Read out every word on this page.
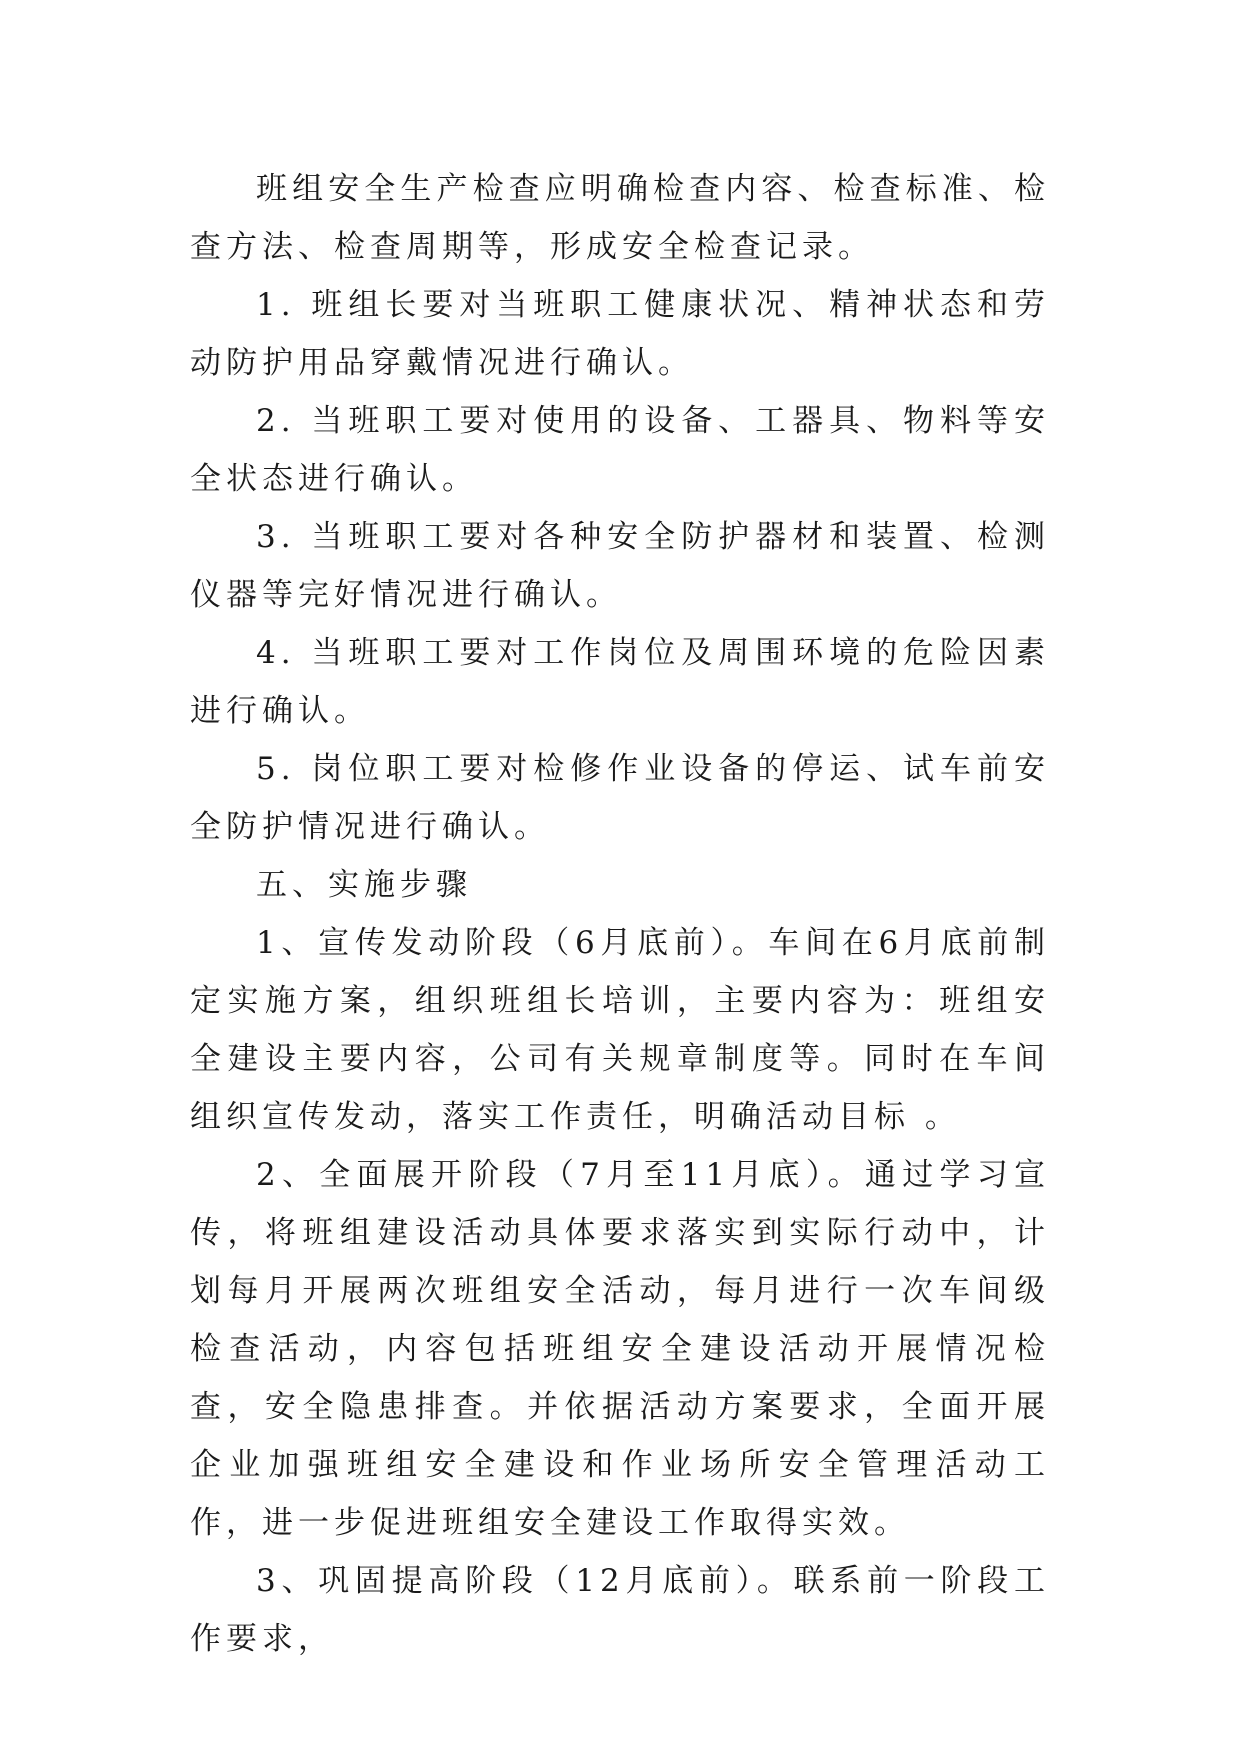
班组安全生产检查应明确检查内容、检查标准、检查方法、检查周期等，形成安全检查记录。

1. 班组长要对当班职工健康状况、精神状态和劳动防护用品穿戴情况进行确认。

2. 当班职工要对使用的设备、工器具、物料等安全状态进行确认。

3. 当班职工要对各种安全防护器材和装置、检测仪器等完好情况进行确认。

4. 当班职工要对工作岗位及周围环境的危险因素进行确认。

5. 岗位职工要对检修作业设备的停运、试车前安全防护情况进行确认。

五、实施步骤

1、宣传发动阶段（6月底前）。车间在6月底前制定实施方案，组织班组长培训，主要内容为：班组安全建设主要内容，公司有关规章制度等。同时在车间组织宣传发动，落实工作责任，明确活动目标 。

2、全面展开阶段（7月至11月底）。通过学习宣传，将班组建设活动具体要求落实到实际行动中，计划每月开展两次班组安全活动，每月进行一次车间级检查活动，内容包括班组安全建设活动开展情况检查，安全隐患排查。并依据活动方案要求，全面开展企业加强班组安全建设和作业场所安全管理活动工作，进一步促进班组安全建设工作取得实效。

3、巩固提高阶段（12月底前）。联系前一阶段工作要求，
